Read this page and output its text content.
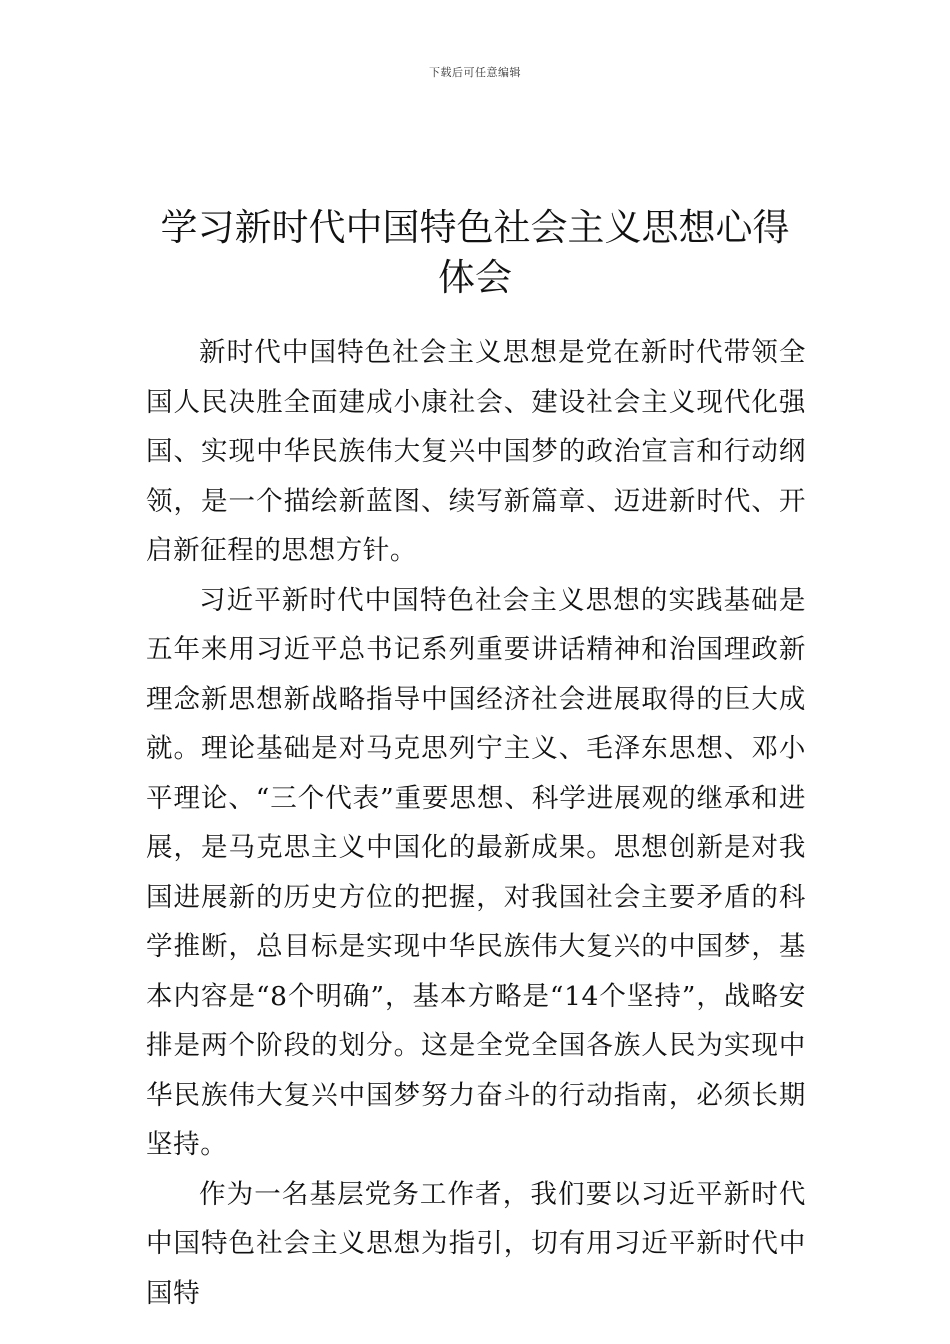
下载后可任意编辑
学习新时代中国特色社会主义思想心得体会

新时代中国特色社会主义思想是党在新时代带领全国人民决胜全面建成小康社会、建设社会主义现代化强国、实现中华民族伟大复兴中国梦的政治宣言和行动纲领，是一个描绘新蓝图、续写新篇章、迈进新时代、开启新征程的思想方针。

习近平新时代中国特色社会主义思想的实践基础是五年来用习近平总书记系列重要讲话精神和治国理政新理念新思想新战略指导中国经济社会进展取得的巨大成就。理论基础是对马克思列宁主义、毛泽东思想、邓小平理论、“三个代表”重要思想、科学进展观的继承和进展，是马克思主义中国化的最新成果。思想创新是对我国进展新的历史方位的把握，对我国社会主要矛盾的科学推断，总目标是实现中华民族伟大复兴的中国梦，基本内容是“8个明确”，基本方略是“14个坚持”，战略安排是两个阶段的划分。这是全党全国各族人民为实现中华民族伟大复兴中国梦努力奋斗的行动指南，必须长期坚持。

作为一名基层党务工作者，我们要以习近平新时代中国特色社会主义思想为指引，切有用习近平新时代中国特
